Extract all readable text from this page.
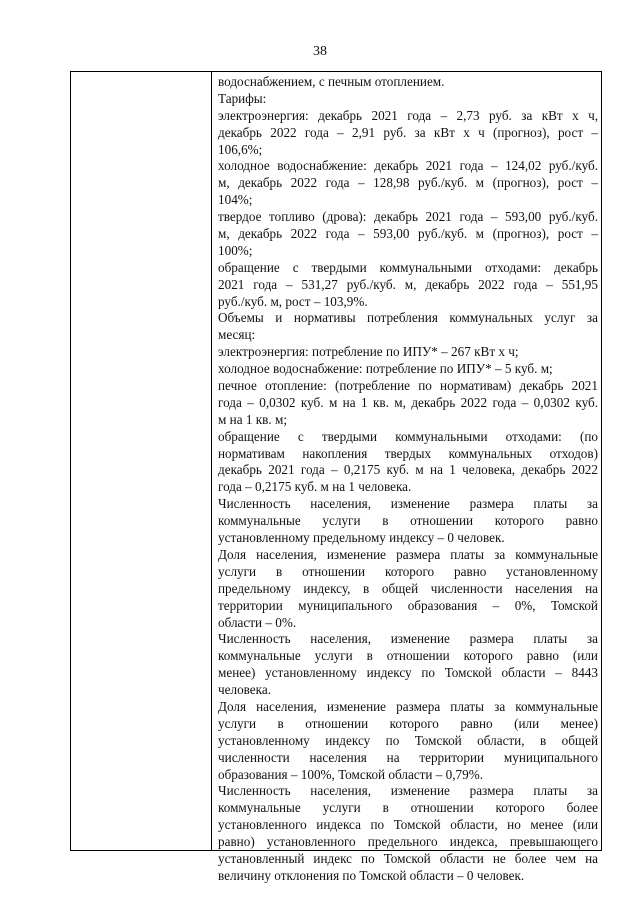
38
водоснабжением, с печным отоплением.
Тарифы:
электроэнергия: декабрь 2021 года – 2,73 руб. за кВт х ч,
декабрь 2022 года – 2,91 руб. за кВт х ч (прогноз), рост –
106,6%;
холодное водоснабжение: декабрь 2021 года – 124,02 руб./куб.
м, декабрь 2022 года – 128,98 руб./куб. м (прогноз), рост –
104%;
твердое топливо (дрова): декабрь 2021 года – 593,00 руб./куб.
м, декабрь 2022 года – 593,00 руб./куб. м (прогноз), рост –
100%;
обращение с твердыми коммунальными отходами: декабрь
2021 года – 531,27 руб./куб. м, декабрь 2022 года – 551,95
руб./куб. м, рост – 103,9%.
Объемы и нормативы потребления коммунальных услуг за
месяц:
электроэнергия: потребление по ИПУ* – 267 кВт х ч;
холодное водоснабжение: потребление по ИПУ* – 5 куб. м;
печное отопление: (потребление по нормативам) декабрь 2021
года – 0,0302 куб. м на 1 кв. м, декабрь 2022 года – 0,0302 куб.
м на 1 кв. м;
обращение с твердыми коммунальными отходами: (по
нормативам накопления твердых коммунальных отходов)
декабрь 2021 года – 0,2175 куб. м на 1 человека, декабрь 2022
года – 0,2175 куб. м на 1 человека.
Численность населения, изменение размера платы за
коммунальные услуги в отношении которого равно
установленному предельному индексу – 0 человек.
Доля населения, изменение размера платы за коммунальные
услуги в отношении которого равно установленному
предельному индексу, в общей численности населения на
территории муниципального образования – 0%, Томской
области – 0%.
Численность населения, изменение размера платы за
коммунальные услуги в отношении которого равно (или
менее) установленному индексу по Томской области – 8443
человека.
Доля населения, изменение размера платы за коммунальные
услуги в отношении которого равно (или менее)
установленному индексу по Томской области, в общей
численности населения на территории муниципального
образования – 100%, Томской области – 0,79%.
Численность населения, изменение размера платы за
коммунальные услуги в отношении которого более
установленного индекса по Томской области, но менее (или
равно) установленного предельного индекса, превышающего
установленный индекс по Томской области не более чем на
величину отклонения по Томской области – 0 человек.
